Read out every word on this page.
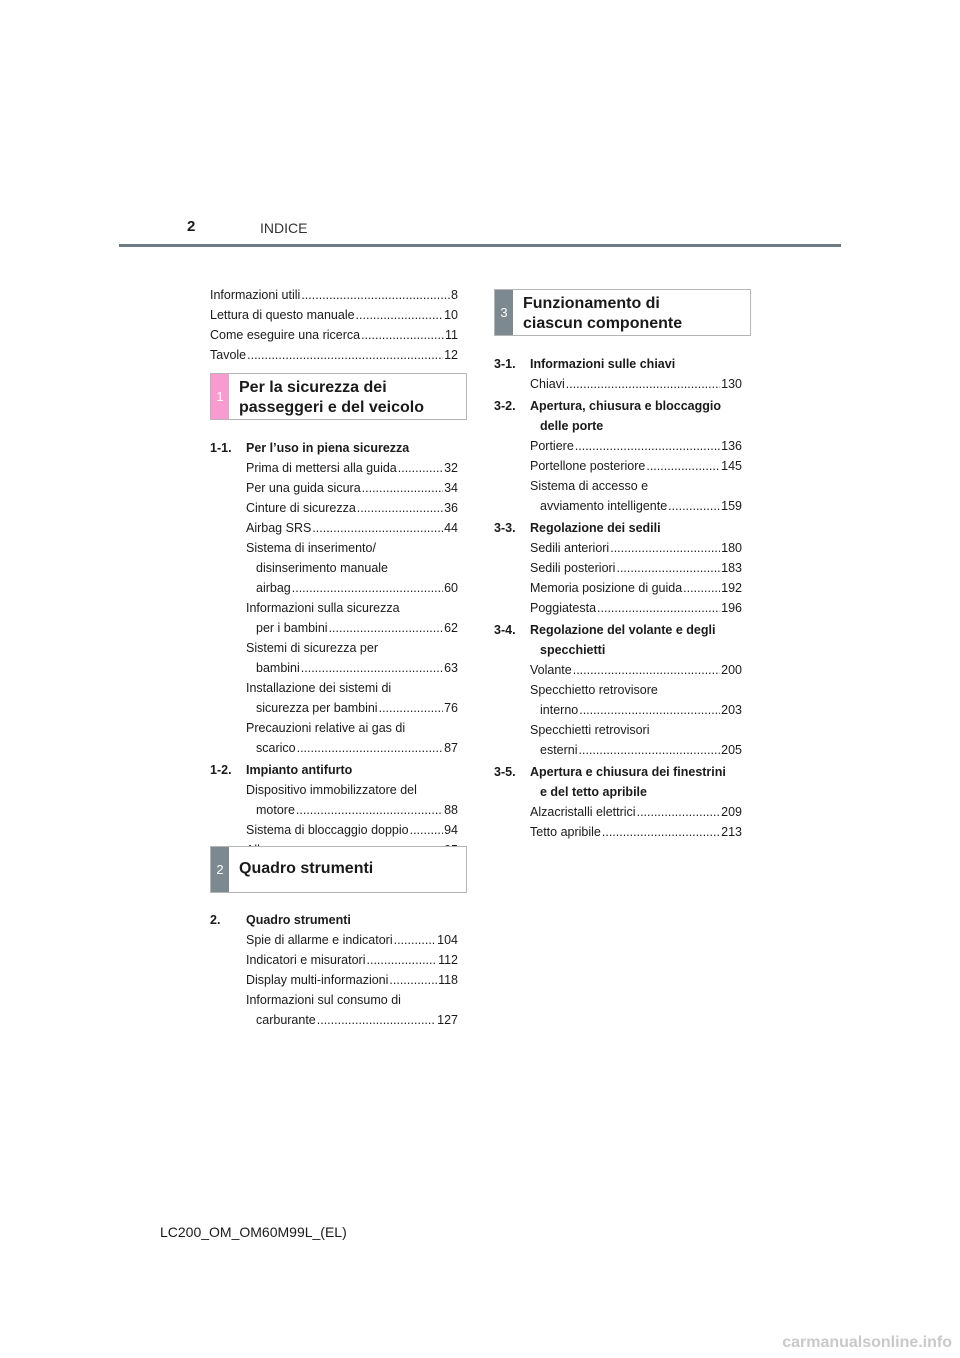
2	INDICE
Informazioni utili .....	8
Lettura di questo manuale .....	10
Come eseguire una ricerca .....	11
Tavole .....	12
1
Per la sicurezza dei
passeggeri e del veicolo
1-1.	Per l’uso in piena sicurezza
Prima di mettersi alla guida .....	32
Per una guida sicura .....	34
Cinture di sicurezza .....	36
Airbag SRS .....	44
Sistema di inserimento/
disinserimento manuale
airbag .....	60
Informazioni sulla sicurezza
per i bambini .....	62
Sistemi di sicurezza per
bambini .....	63
Installazione dei sistemi di
sicurezza per bambini .....	76
Precauzioni relative ai gas di
scarico .....	87
1-2.	Impianto antifurto
Dispositivo immobilizzatore del
motore .....	88
Sistema di bloccaggio doppio .....	94
.....
2 Quadro strumenti
2.	Quadro strumenti
Spie di allarme e indicatori .....	104
Indicatori e misuratori .....	112
Display multi-informazioni .....	118
Informazioni sul consumo di
carburante .....	127
3
Funzionamento di
ciascun componente
3-1.	Informazioni sulle chiavi
Chiavi .....	130
3-2.	Apertura, chiusura e bloccaggio
delle porte
Portiere .....	136
Portellone posteriore .....	145
Sistema di accesso e
avviamento intelligente .....	159
3-3.	Regolazione dei sedili
Sedili anteriori .....	180
Sedili posteriori .....	183
Memoria posizione di guida .....	192
Poggiatesta .....	196
3-4.	Regolazione del volante e degli
specchietti
Volante .....	200
Specchietto retrovisore
interno .....	203
Specchietti retrovisori
esterni .....	205
3-5.	Apertura e chiusura dei finestrini
e del tetto apribile
Alzacristalli elettrici .....	209
Tetto apribile .....	213
LC200_OM_OM60M99L_(EL)
carmanualsonline.info
